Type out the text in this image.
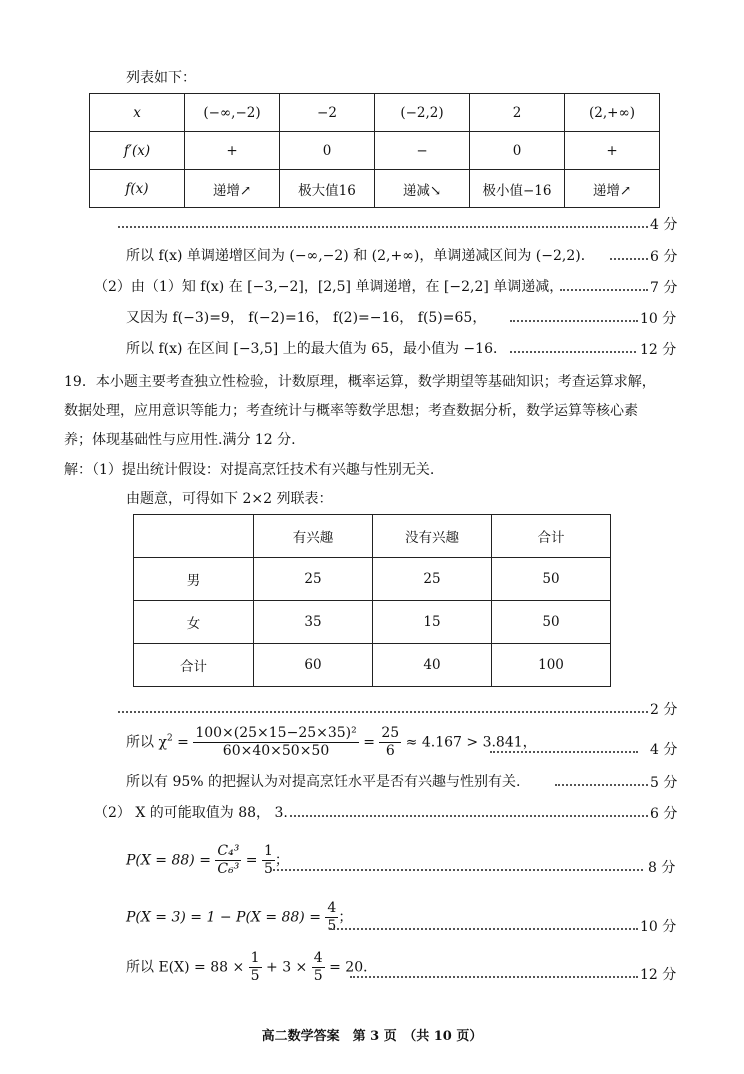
列表如下：
x	(−∞,−2)	−2	(−2,2)	2	(2,+∞)
f′(x)	+	0	−	0	+
f(x)	递增↗	极大值16	递减↘	极小值−16	递增↗
4 分
所以 f(x) 单调递增区间为 (−∞,−2) 和 (2,+∞)，单调递减区间为 (−2,2)．	6 分
（2）由（1）知 f(x) 在 [−3,−2]，[2,5] 单调递增，在 [−2,2] 单调递减，	7 分
又因为 f(−3)=9， f(−2)=16， f(2)=−16， f(5)=65，	10 分
所以 f(x) 在区间 [−3,5] 上的最大值为 65，最小值为 −16．	12 分
19．本小题主要考查独立性检验，计数原理，概率运算，数学期望等基础知识；考查运算求解，
数据处理，应用意识等能力；考查统计与概率等数学思想；考查数据分析，数学运算等核心素
养；体现基础性与应用性.满分 12 分.
解：（1）提出统计假设：对提高烹饪技术有兴趣与性别无关.
由题意，可得如下 2×2 列联表：
	有兴趣	没有兴趣	合计
男	25	25	50
女	35	15	50
合计	60	40	100
2 分
所以 $\chi^2 = \frac{\text{100×(25×15−25×35)²}}{60\times 40\times 50\times 50} = \frac{25}{6} \approx 4.167 > 3.841$，	4 分
所以有 95% 的把握认为对提高烹饪水平是否有兴趣与性别有关.	5 分
（2） X 的可能取值为 88， 3.	6 分
$P(X = 88) = \frac{\text{C₄³}}{\text{C₆³}} = \frac{1}{5}$ ；	8 分
$P(X = 3) = 1 - P(X = 88) = \frac{4}{5}$ ；
10 分
所以 $E(X) = 88 \times \frac{1}{5} + 3 \times \frac{4}{5} = 20$．	12 分
高二数学答案　第 3 页　（共 10 页）
